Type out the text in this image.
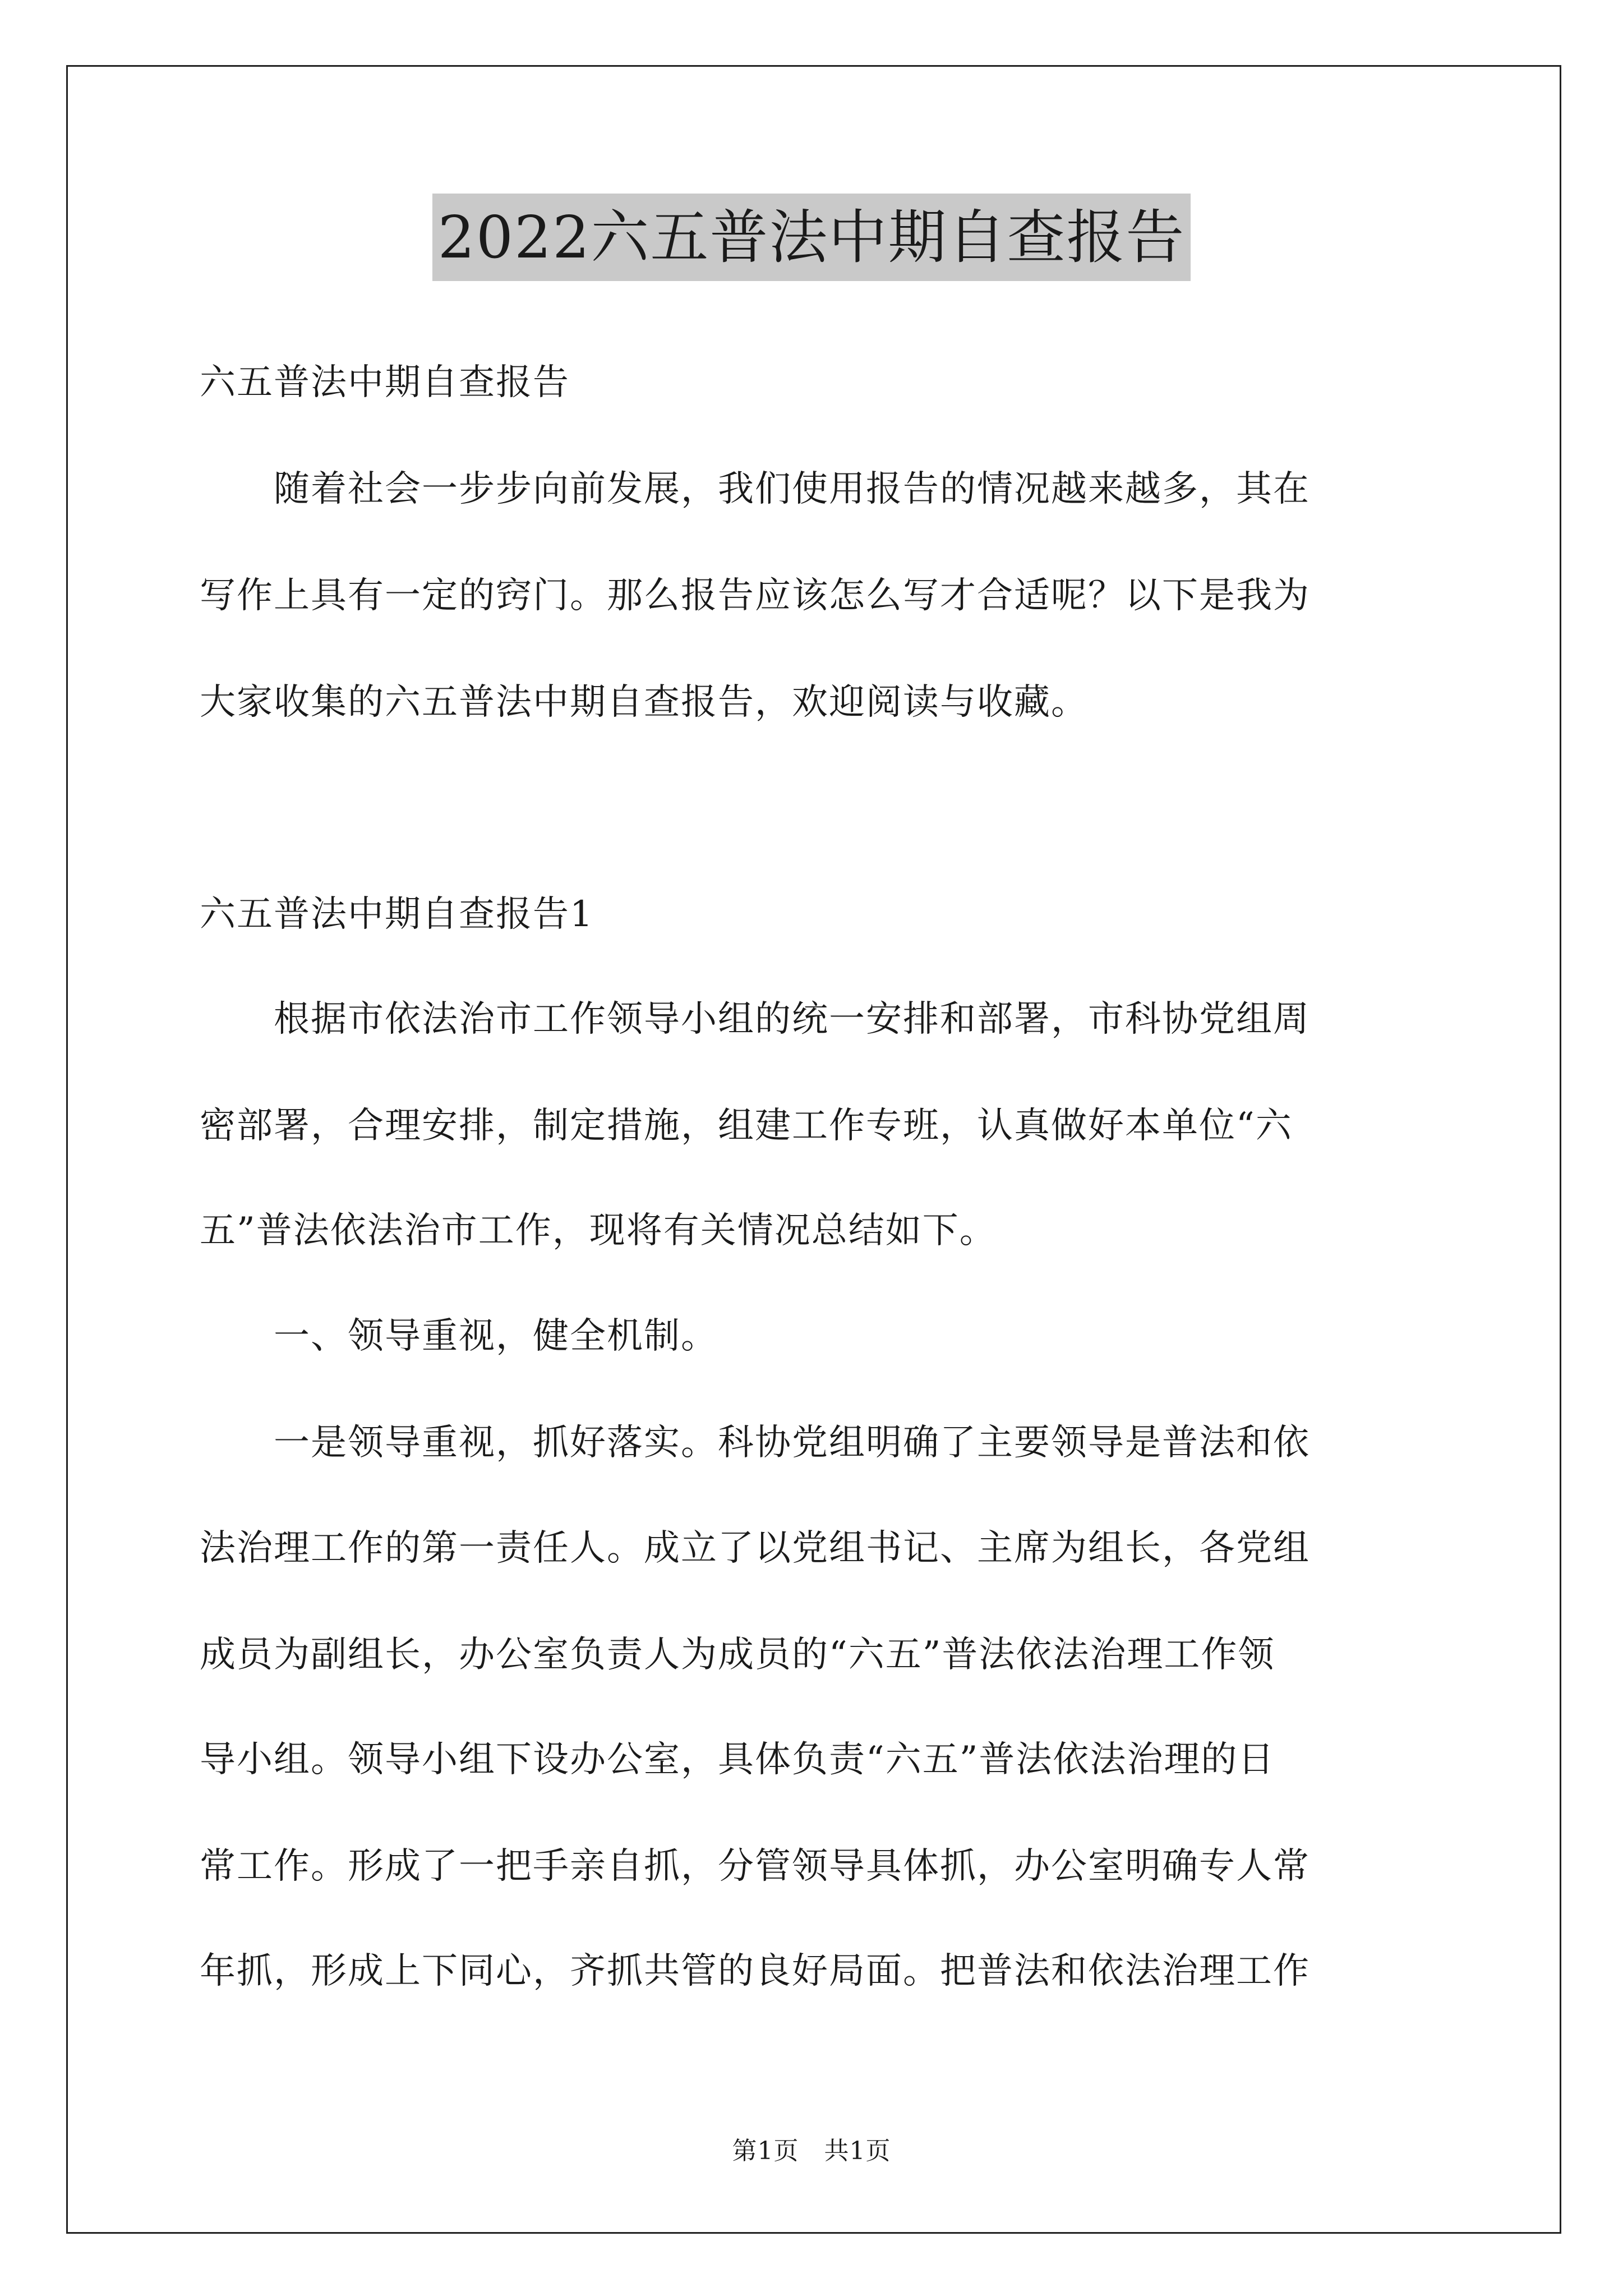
2022六五普法中期自查报告
六五普法中期自查报告
　　随着社会一步步向前发展，我们使用报告的情况越来越多，其在
写作上具有一定的窍门。那么报告应该怎么写才合适呢？以下是我为
大家收集的六五普法中期自查报告，欢迎阅读与收藏。
六五普法中期自查报告1
　　根据市依法治市工作领导小组的统一安排和部署，市科协党组周
密部署，合理安排，制定措施，组建工作专班，认真做好本单位“六
五”普法依法治市工作，现将有关情况总结如下。
　　一、领导重视，健全机制。
　　一是领导重视，抓好落实。科协党组明确了主要领导是普法和依
法治理工作的第一责任人。成立了以党组书记、主席为组长，各党组
成员为副组长，办公室负责人为成员的“六五”普法依法治理工作领
导小组。领导小组下设办公室，具体负责“六五”普法依法治理的日
常工作。形成了一把手亲自抓，分管领导具体抓，办公室明确专人常
年抓，形成上下同心，齐抓共管的良好局面。把普法和依法治理工作
第1页　共1页
